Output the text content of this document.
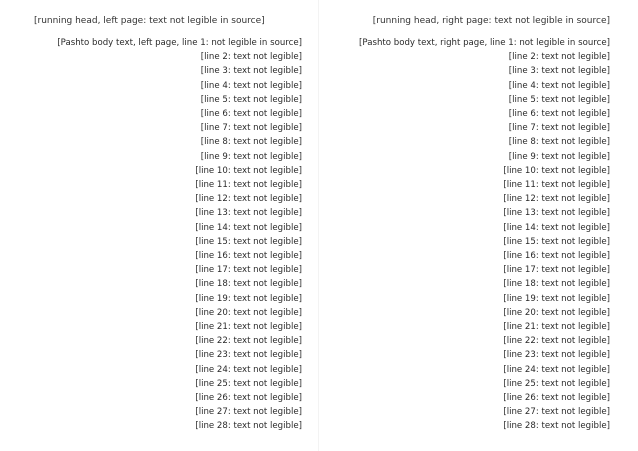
[running head, left page: text not legible in source]
[Pashto body text, left page, line 1: not legible in source]
[line 2: text not legible]
[line 3: text not legible]
[line 4: text not legible]
[line 5: text not legible]
[line 6: text not legible]
[line 7: text not legible]
[line 8: text not legible]
[line 9: text not legible]
[line 10: text not legible]
[line 11: text not legible]
[line 12: text not legible]
[line 13: text not legible]
[line 14: text not legible]
[line 15: text not legible]
[line 16: text not legible]
[line 17: text not legible]
[line 18: text not legible]
[line 19: text not legible]
[line 20: text not legible]
[line 21: text not legible]
[line 22: text not legible]
[line 23: text not legible]
[line 24: text not legible]
[line 25: text not legible]
[line 26: text not legible]
[line 27: text not legible]
[line 28: text not legible]
[running head, right page: text not legible in source]
[Pashto body text, right page, line 1: not legible in source]
[line 2: text not legible]
[line 3: text not legible]
[line 4: text not legible]
[line 5: text not legible]
[line 6: text not legible]
[line 7: text not legible]
[line 8: text not legible]
[line 9: text not legible]
[line 10: text not legible]
[line 11: text not legible]
[line 12: text not legible]
[line 13: text not legible]
[line 14: text not legible]
[line 15: text not legible]
[line 16: text not legible]
[line 17: text not legible]
[line 18: text not legible]
[line 19: text not legible]
[line 20: text not legible]
[line 21: text not legible]
[line 22: text not legible]
[line 23: text not legible]
[line 24: text not legible]
[line 25: text not legible]
[line 26: text not legible]
[line 27: text not legible]
[line 28: text not legible]
